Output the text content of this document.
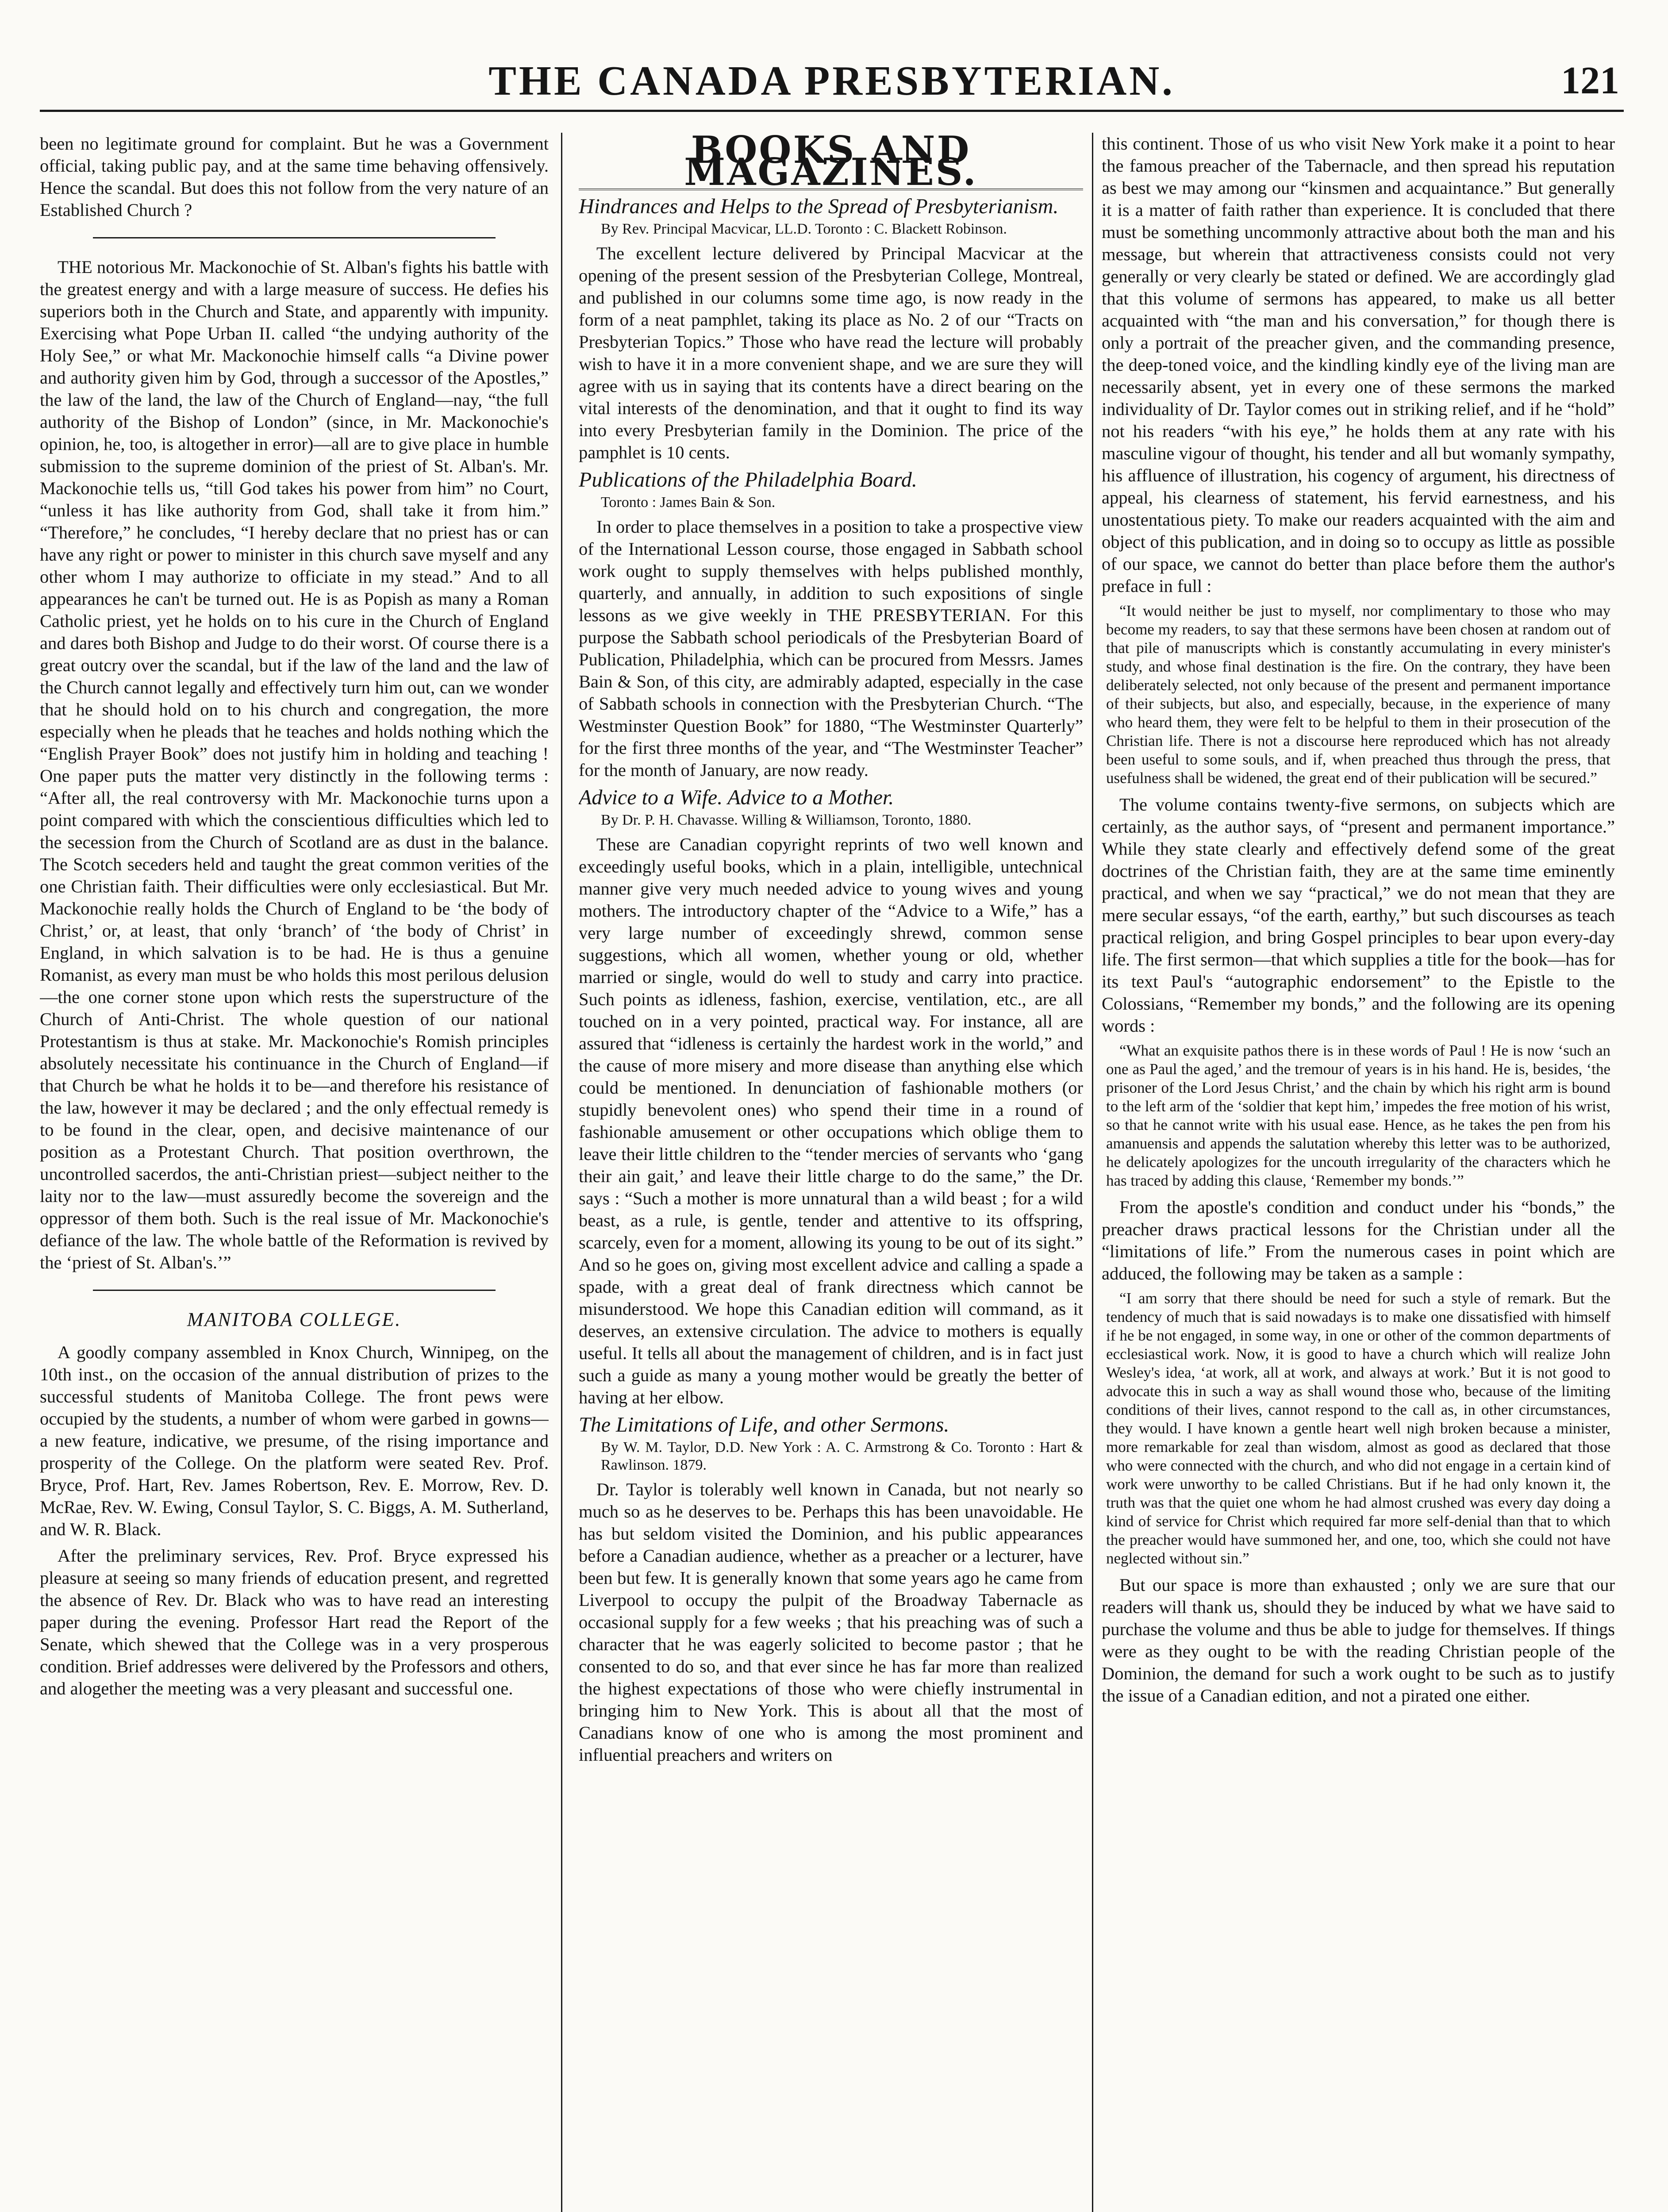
THE CANADA PRESBYTERIAN.	121

been no legitimate ground for complaint. But he was a Government official, taking public pay, and at the same time behaving offensively. Hence the scandal. But does this not follow from the very nature of an Established Church ?

THE notorious Mr. Mackonochie of St. Alban's fights his battle with the greatest energy and with a large measure of success. He defies his superiors both in the Church and State, and apparently with impunity. Exercising what Pope Urban II. called “the undying authority of the Holy See,” or what Mr. Mackonochie himself calls “a Divine power and authority given him by God, through a successor of the Apostles,” the law of the land, the law of the Church of England—nay, “the full authority of the Bishop of London” (since, in Mr. Mackonochie's opinion, he, too, is altogether in error)—all are to give place in humble submission to the supreme dominion of the priest of St. Alban's. Mr. Mackonochie tells us, “till God takes his power from him” no Court, “unless it has like authority from God, shall take it from him.” “Therefore,” he concludes, “I hereby declare that no priest has or can have any right or power to minister in this church save myself and any other whom I may authorize to officiate in my stead.” And to all appearances he can't be turned out. He is as Popish as many a Roman Catholic priest, yet he holds on to his cure in the Church of England and dares both Bishop and Judge to do their worst. Of course there is a great outcry over the scandal, but if the law of the land and the law of the Church cannot legally and effectively turn him out, can we wonder that he should hold on to his church and congregation, the more especially when he pleads that he teaches and holds nothing which the “English Prayer Book” does not justify him in holding and teaching ! One paper puts the matter very distinctly in the following terms : “After all, the real controversy with Mr. Mackonochie turns upon a point compared with which the conscientious difficulties which led to the secession from the Church of Scotland are as dust in the balance. The Scotch seceders held and taught the great common verities of the one Christian faith. Their difficulties were only ecclesiastical. But Mr. Mackonochie really holds the Church of England to be ‘the body of Christ,’ or, at least, that only ‘branch’ of ‘the body of Christ’ in England, in which salvation is to be had. He is thus a genuine Romanist, as every man must be who holds this most perilous delusion—the one corner stone upon which rests the superstructure of the Church of Anti-Christ. The whole question of our national Protestantism is thus at stake. Mr. Mackonochie's Romish principles absolutely necessitate his continuance in the Church of England—if that Church be what he holds it to be—and therefore his resistance of the law, however it may be declared ; and the only effectual remedy is to be found in the clear, open, and decisive maintenance of our position as a Protestant Church. That position overthrown, the uncontrolled sacerdos, the anti-Christian priest—subject neither to the laity nor to the law—must assuredly become the sovereign and the oppressor of them both. Such is the real issue of Mr. Mackonochie's defiance of the law. The whole battle of the Reformation is revived by the ‘priest of St. Alban's.’”

MANITOBA COLLEGE.

A goodly company assembled in Knox Church, Winnipeg, on the 10th inst., on the occasion of the annual distribution of prizes to the successful students of Manitoba College. The front pews were occupied by the students, a number of whom were garbed in gowns—a new feature, indicative, we presume, of the rising importance and prosperity of the College. On the platform were seated Rev. Prof. Bryce, Prof. Hart, Rev. James Robertson, Rev. E. Morrow, Rev. D. McRae, Rev. W. Ewing, Consul Taylor, S. C. Biggs, A. M. Sutherland, and W. R. Black.

After the preliminary services, Rev. Prof. Bryce expressed his pleasure at seeing so many friends of education present, and regretted the absence of Rev. Dr. Black who was to have read an interesting paper during the evening. Professor Hart read the Report of the Senate, which shewed that the College was in a very prosperous condition. Brief addresses were delivered by the Professors and others, and alogether the meeting was a very pleasant and successful one.

BOOKS AND MAGAZINES.
Hindrances and Helps to the Spread of Presbyterianism.

By Rev. Principal Macvicar, LL.D. Toronto : C. Blackett Robinson.

The excellent lecture delivered by Principal Macvicar at the opening of the present session of the Presbyterian College, Montreal, and published in our columns some time ago, is now ready in the form of a neat pamphlet, taking its place as No. 2 of our “Tracts on Presbyterian Topics.” Those who have read the lecture will probably wish to have it in a more convenient shape, and we are sure they will agree with us in saying that its contents have a direct bearing on the vital interests of the denomination, and that it ought to find its way into every Presbyterian family in the Dominion. The price of the pamphlet is 10 cents.

Publications of the Philadelphia Board.

Toronto : James Bain & Son.

In order to place themselves in a position to take a prospective view of the International Lesson course, those engaged in Sabbath school work ought to supply themselves with helps published monthly, quarterly, and annually, in addition to such expositions of single lessons as we give weekly in THE PRESBYTERIAN. For this purpose the Sabbath school periodicals of the Presbyterian Board of Publication, Philadelphia, which can be procured from Messrs. James Bain & Son, of this city, are admirably adapted, especially in the case of Sabbath schools in connection with the Presbyterian Church. “The Westminster Question Book” for 1880, “The Westminster Quarterly” for the first three months of the year, and “The Westminster Teacher” for the month of January, are now ready.

Advice to a Wife. Advice to a Mother.

By Dr. P. H. Chavasse. Willing & Williamson, Toronto, 1880.

These are Canadian copyright reprints of two well known and exceedingly useful books, which in a plain, intelligible, untechnical manner give very much needed advice to young wives and young mothers. The introductory chapter of the “Advice to a Wife,” has a very large number of exceedingly shrewd, common sense suggestions, which all women, whether young or old, whether married or single, would do well to study and carry into practice. Such points as idleness, fashion, exercise, ventilation, etc., are all touched on in a very pointed, practical way. For instance, all are assured that “idleness is certainly the hardest work in the world,” and the cause of more misery and more disease than anything else which could be mentioned. In denunciation of fashionable mothers (or stupidly benevolent ones) who spend their time in a round of fashionable amusement or other occupations which oblige them to leave their little children to the “tender mercies of servants who ‘gang their ain gait,’ and leave their little charge to do the same,” the Dr. says : “Such a mother is more unnatural than a wild beast ; for a wild beast, as a rule, is gentle, tender and attentive to its offspring, scarcely, even for a moment, allowing its young to be out of its sight.” And so he goes on, giving most excellent advice and calling a spade a spade, with a great deal of frank directness which cannot be misunderstood. We hope this Canadian edition will command, as it deserves, an extensive circulation. The advice to mothers is equally useful. It tells all about the management of children, and is in fact just such a guide as many a young mother would be greatly the better of having at her elbow.

The Limitations of Life, and other Sermons.

By W. M. Taylor, D.D. New York : A. C. Armstrong & Co. Toronto : Hart & Rawlinson. 1879.

Dr. Taylor is tolerably well known in Canada, but not nearly so much so as he deserves to be. Perhaps this has been unavoidable. He has but seldom visited the Dominion, and his public appearances before a Canadian audience, whether as a preacher or a lecturer, have been but few. It is generally known that some years ago he came from Liverpool to occupy the pulpit of the Broadway Tabernacle as occasional supply for a few weeks ; that his preaching was of such a character that he was eagerly solicited to become pastor ; that he consented to do so, and that ever since he has far more than realized the highest expectations of those who were chiefly instrumental in bringing him to New York. This is about all that the most of Canadians know of one who is among the most prominent and influential preachers and writers on

this continent. Those of us who visit New York make it a point to hear the famous preacher of the Tabernacle, and then spread his reputation as best we may among our “kinsmen and acquaintance.” But generally it is a matter of faith rather than experience. It is concluded that there must be something uncommonly attractive about both the man and his message, but wherein that attractiveness consists could not very generally or very clearly be stated or defined. We are accordingly glad that this volume of sermons has appeared, to make us all better acquainted with “the man and his conversation,” for though there is only a portrait of the preacher given, and the commanding presence, the deep-toned voice, and the kindling kindly eye of the living man are necessarily absent, yet in every one of these sermons the marked individuality of Dr. Taylor comes out in striking relief, and if he “hold” not his readers “with his eye,” he holds them at any rate with his masculine vigour of thought, his tender and all but womanly sympathy, his affluence of illustration, his cogency of argument, his directness of appeal, his clearness of statement, his fervid earnestness, and his unostentatious piety. To make our readers acquainted with the aim and object of this publication, and in doing so to occupy as little as possible of our space, we cannot do better than place before them the author's preface in full :

“It would neither be just to myself, nor complimentary to those who may become my readers, to say that these sermons have been chosen at random out of that pile of manuscripts which is constantly accumulating in every minister's study, and whose final destination is the fire. On the contrary, they have been deliberately selected, not only because of the present and permanent importance of their subjects, but also, and especially, because, in the experience of many who heard them, they were felt to be helpful to them in their prosecution of the Christian life. There is not a discourse here reproduced which has not already been useful to some souls, and if, when preached thus through the press, that usefulness shall be widened, the great end of their publication will be secured.”

The volume contains twenty-five sermons, on subjects which are certainly, as the author says, of “present and permanent importance.” While they state clearly and effectively defend some of the great doctrines of the Christian faith, they are at the same time eminently practical, and when we say “practical,” we do not mean that they are mere secular essays, “of the earth, earthy,” but such discourses as teach practical religion, and bring Gospel principles to bear upon every-day life. The first sermon—that which supplies a title for the book—has for its text Paul's “autographic endorsement” to the Epistle to the Colossians, “Remember my bonds,” and the following are its opening words :

“What an exquisite pathos there is in these words of Paul ! He is now ‘such an one as Paul the aged,’ and the tremour of years is in his hand. He is, besides, ‘the prisoner of the Lord Jesus Christ,’ and the chain by which his right arm is bound to the left arm of the ‘soldier that kept him,’ impedes the free motion of his wrist, so that he cannot write with his usual ease. Hence, as he takes the pen from his amanuensis and appends the salutation whereby this letter was to be authorized, he delicately apologizes for the uncouth irregularity of the characters which he has traced by adding this clause, ‘Remember my bonds.’”

From the apostle's condition and conduct under his “bonds,” the preacher draws practical lessons for the Christian under all the “limitations of life.” From the numerous cases in point which are adduced, the following may be taken as a sample :

“I am sorry that there should be need for such a style of remark. But the tendency of much that is said nowadays is to make one dissatisfied with himself if he be not engaged, in some way, in one or other of the common departments of ecclesiastical work. Now, it is good to have a church which will realize John Wesley's idea, ‘at work, all at work, and always at work.’ But it is not good to advocate this in such a way as shall wound those who, because of the limiting conditions of their lives, cannot respond to the call as, in other circumstances, they would. I have known a gentle heart well nigh broken because a minister, more remarkable for zeal than wisdom, almost as good as declared that those who were connected with the church, and who did not engage in a certain kind of work were unworthy to be called Christians. But if he had only known it, the truth was that the quiet one whom he had almost crushed was every day doing a kind of service for Christ which required far more self-denial than that to which the preacher would have summoned her, and one, too, which she could not have neglected without sin.”

But our space is more than exhausted ; only we are sure that our readers will thank us, should they be induced by what we have said to purchase the volume and thus be able to judge for themselves. If things were as they ought to be with the reading Christian people of the Dominion, the demand for such a work ought to be such as to justify the issue of a Canadian edition, and not a pirated one either.
